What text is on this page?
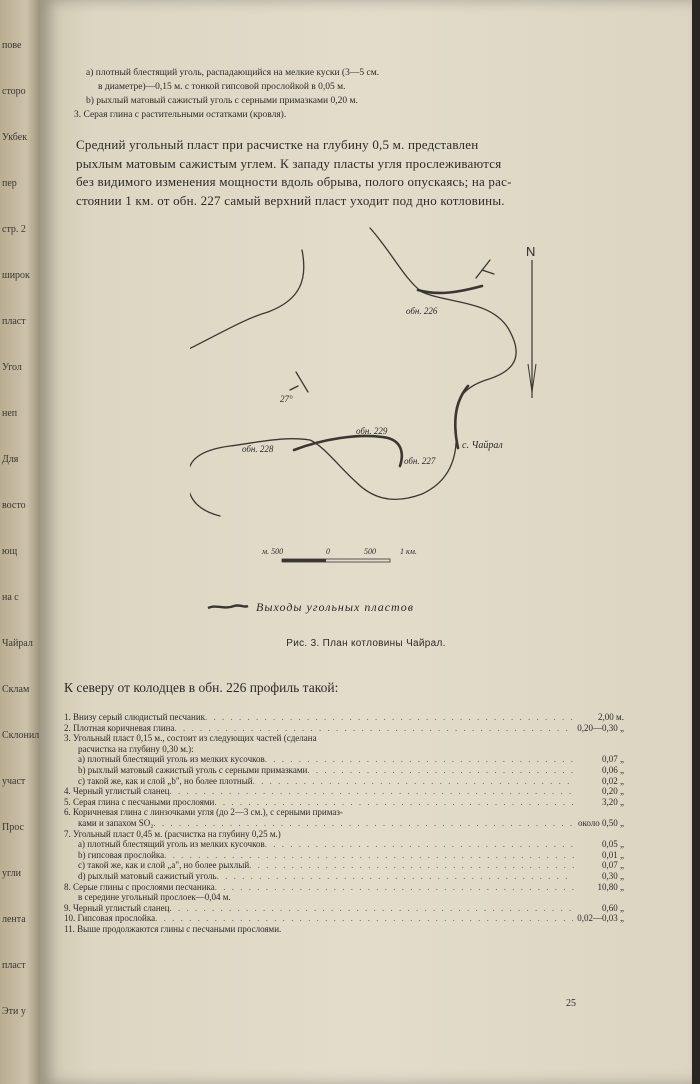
пове
сторо
Укбек
пер
стр. 2
широк
пласт
Угол
неп
Для
восто
ющ
на с
Чайрал
Склам
Склонил
участ
Прос
угли
лента
пласт
Эти у
а) плотный блестящий уголь, распадающийся на мелкие куски (3—5 см.
в диаметре)—0,15 м. с тонкой гипсовой прослойкой в 0,05 м.
b) рыхлый матовый сажистый уголь с серными примазками 0,20 м.
3. Серая глина с растительными остатками (кровля).
Средний угольный пласт при расчистке на глубину 0,5 м. представлен
рыхлым матовым сажистым углем. К западу пласты угля прослеживаются
без видимого изменения мощности вдоль обрыва, полого опускаясь; на рас-
стоянии 1 км. от обн. 227 самый верхний пласт уходит под дно котловины.
N
обн. 226
обн. 227
обн. 228
обн. 229
с. Чайрал
27°
м. 500	0	500	1 км.
Выходы угольных пластов
Рис. 3. План котловины Чайрал.
К северу от колодцев в обн. 226 профиль такой:
1. Внизу серый слюдистый песчаник . . .	2,00 м.
2. Плотная коричневая глина . . .	0,20—0,30 „
3. Угольный пласт 0,15 м., состоит из следующих частей (сделана
расчистка на глубину 0,30 м.):
а) плотный блестящий уголь из мелких кусочков . . .	0,07 „
b) рыхлый матовый сажистый уголь с серными примазками . . .	0,06 „
с) такой же, как и слой „b", но более плотный . . .	0,02 „
4. Черный углистый сланец . . .	0,20 „
5. Серая глина с песчаными прослоями . . .	3,20 „
6. Коричневая глина с линзочками угля (до 2—3 см.), с серными примаз-
ками и запахом SO₂ . . .	около 0,50 „
7. Угольный пласт 0,45 м. (расчистка на глубину 0,25 м.)
а) плотный блестящий уголь из мелких кусочков . . .	0,05 „
b) гипсовая прослойка . . .	0,01 „
с) такой же, как и слой „а", но более рыхлый . . .	0,07 „
d) рыхлый матовый сажистый уголь . . .	0,30 „
8. Серые глины с прослоями песчаника . . .	10,80 „
в середине угольный прослоек—0,04 м.
9. Черный углистый сланец . . .	0,60 „
10. Гипсовая прослойка . . .	0,02—0,03 „
11. Выше продолжаются глины с песчаными прослоями.
25
